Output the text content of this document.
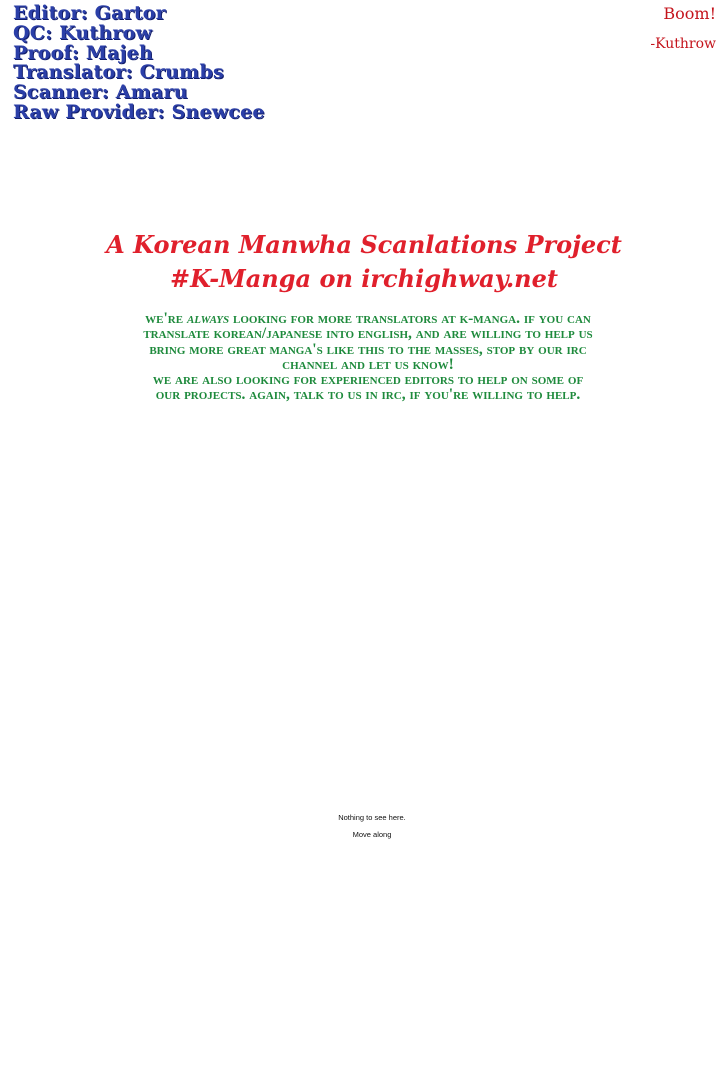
Editor: Gartor
QC: Kuthrow
Proof: Majeh
Translator: Crumbs
Scanner: Amaru
Raw Provider: Snewcee
Boom!
-Kuthrow
A Korean Manwha Scanlations Project
#K-Manga on irchighway.net

we're always looking for more translators at k-manga. if you can translate korean/japanese into english, and are willing to help us bring more great manga's like this to the masses, stop by our irc channel and let us know!

we are also looking for experienced editors to help on some of our projects. again, talk to us in irc, if you're willing to help.

Nothing to see here.
Move along
